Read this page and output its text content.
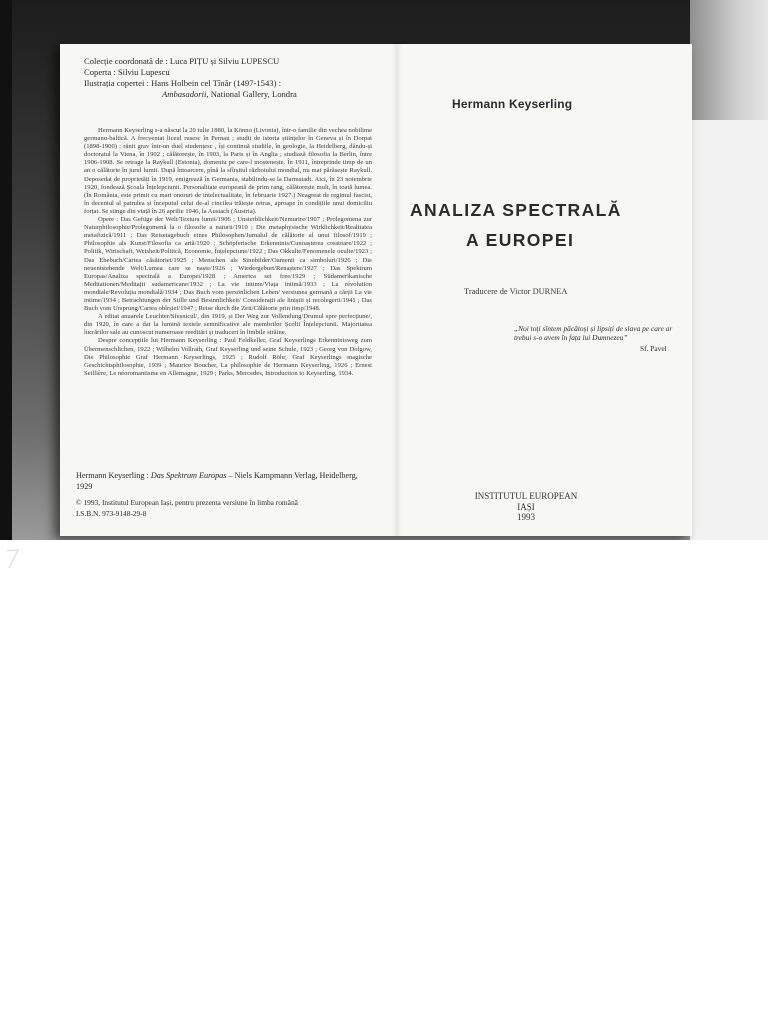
Colecție coordonată de : Luca PIȚU și Silviu LUPESCU
Coperta : Silviu Lupescu
Ilustrația copertei : Hans Holbein cel Tînăr (1497-1543) :
Ambasadorii, National Gallery, Londra

Hermann Keyserling s-a născut la 20 iulie 1880, la Könno (Livonia), într-o familie din vechea nobilime germano-baltică. A frecventat liceul rusesc în Pernau ; studii de istoria științelor în Geneva și în Dorpat (1898-1900) ; rănit grav într-un duel studențesc , își continuă studiile, în geologie, la Heidelberg, dându-și doctoratul la Viena, în 1902 ; călătorește, în 1903, la Paris și în Anglia ; studiază filosofia la Berlin, între 1906-1908. Se retrage la Raykull (Estonia), domeniu pe care-l moștenește. În 1911, întreprinde timp de un an o călătorie în jurul lumii. După întoarcere, pînă la sfîrșitul războiului mondial, nu mai părăsește Raykull. Deposedat de proprietăți în 1919, emigrează în Germania, stabilindu-se la Darmstadt. Aici, în 23 noiembrie 1920, fondează Școala Înțelepciunii. Personalitate europeană de prim rang, călătorește mult, în toată lumea. (În România, este primit cu mari onoruri de intelectualitate, în februarie 1927.) Neagreat de regimul fascist, în deceniul al patrulea și începutul celui de-al cincilea trăiește retras, aproape în condițiile unui domiciliu forțat. Se stinge din viață în 26 aprilie 1946, la Austach (Austria).

Opere : Das Gefüge der Welt/Textura lumii/1906 ; Unsterblichkeit/Nemurire/1907 ; Prolegomena zur Naturphilosophie/Prolegomenă la o filosofie a naturii/1910 ; Die metaphysische Wirklichkeit/Realitatea metafizică/1911 ; Das Reisetagebuch eines Philosophen/Jurnalul de călătorie al unui filosof/1919 ; Philosophie als Kunst/Filosofia ca artă/1920 ; Schöpferische Erkenntnis/Cunoașterea creatoare/1922 ; Politik, Wirtschaft, Weisheit/Politică, Economie, Înțelepciune/1922 ; Das Okkulte/Fenomenele oculte/1923 ; Das Ehebuch/Cartea căsătoriei/1925 ; Menschen als Sinnbilder/Oamenii ca simboluri/1926 ; Die neuentstehende Welt/Lumea care se naște/1926 ; Wiedergeburt/Renaștere/1927 ; Das Spektrum Europas/Analiza spectrală a Europei/1928 ; America set free/1929 ; Südamerikanische Meditationen/Meditații sudamericane/1932 ; La vie intime/Viața intimă/1933 ; La révolution mondiale/Revoluția mondială/1934 ; Das Buch vom persönlichen Leben/ versiunea germană a cărții La vie intime/1934 ; Betrachtungen der Stille und Besinnlichkeit/ Considerații ale liniștii și recolegerii/1941 ; Das Buch vom Ursprung/Cartea obîrșiei/1947 ; Reise durch die Zeit/Călătorie prin timp/1948.

A editat anuarele Leuchter/Sfeșnicul/, din 1919, și Der Weg zur Vollendung/Drumul spre perfecțiune/, din 1920, în care a dat la lumină textele semnificative ale membrilor Școlii Înțelepciunii. Majoritatea lucrărilor sale au cunoscut numeroase reeditări și traduceri în limbile străine.

Despre concepțiile lui Hermann Keyserling : Paul Feldkeller, Graf Keyserlings Erkenntnisweg zum Übermenschlichen, 1922 ; Wilhelm Vollrath, Graf Keyserling und seine Schule, 1923 ; Georg von Dolgow, Die Philosophie Graf Hermann Keyserlings, 1925 ; Rudolf Röhr, Graf Keyserlings magische Geschichtsphilosophie, 1939 ; Maurice Boucher, La philosophie de Hermann Keyserling, 1926 ; Ernest Seillière, Le néoromantisme en Allemagne, 1929 ; Parks, Mercedes, Introduction to Keyserling, 1934.

Hermann Keyserling : Das Spektrum Europas – Niels Kampmann Verlag, Heidelberg, 1929
© 1993, Institutul European Iași, pentru prezenta versiune în limba română
I.S.B.N. 973-9148-29-8
Hermann Keyserling
ANALIZA SPECTRALĂ
A EUROPEI
Traducere de Victor DURNEA
„Noi toți sîntem păcătoși și lipsiți de slava pe care ar trebui s-o avem în fața lui Dumnezeu”
Sf. Pavel
INSTITUTUL EUROPEAN
IAȘI
1993
